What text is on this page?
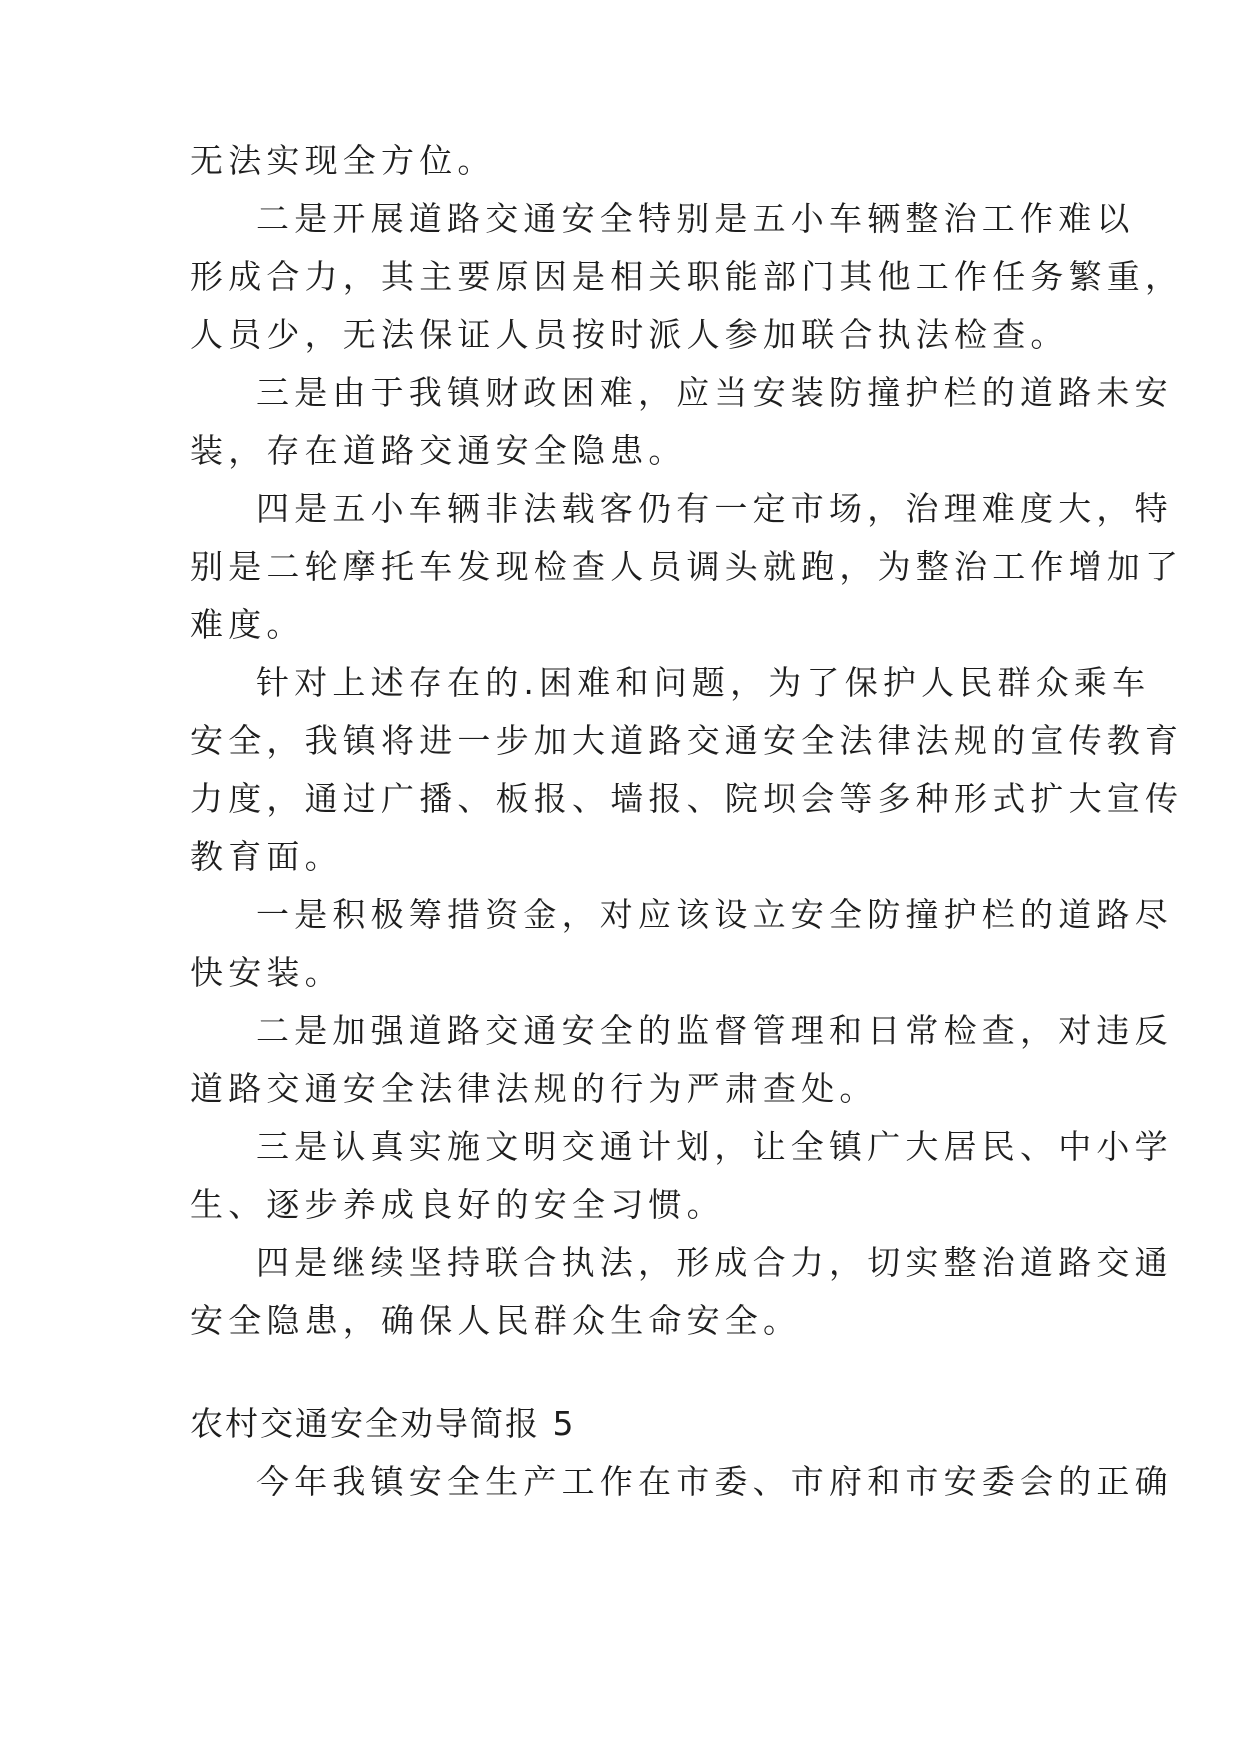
无法实现全方位。
二是开展道路交通安全特别是五小车辆整治工作难以
形成合力，其主要原因是相关职能部门其他工作任务繁重，
人员少，无法保证人员按时派人参加联合执法检查。
三是由于我镇财政困难，应当安装防撞护栏的道路未安
装，存在道路交通安全隐患。
四是五小车辆非法载客仍有一定市场，治理难度大，特
别是二轮摩托车发现检查人员调头就跑，为整治工作增加了
难度。
针对上述存在的.困难和问题，为了保护人民群众乘车
安全，我镇将进一步加大道路交通安全法律法规的宣传教育
力度，通过广播、板报、墙报、院坝会等多种形式扩大宣传
教育面。
一是积极筹措资金，对应该设立安全防撞护栏的道路尽
快安装。
二是加强道路交通安全的监督管理和日常检查，对违反
道路交通安全法律法规的行为严肃查处。
三是认真实施文明交通计划，让全镇广大居民、中小学
生、逐步养成良好的安全习惯。
四是继续坚持联合执法，形成合力，切实整治道路交通
安全隐患，确保人民群众生命安全。
农村交通安全劝导简报 5
今年我镇安全生产工作在市委、市府和市安委会的正确
